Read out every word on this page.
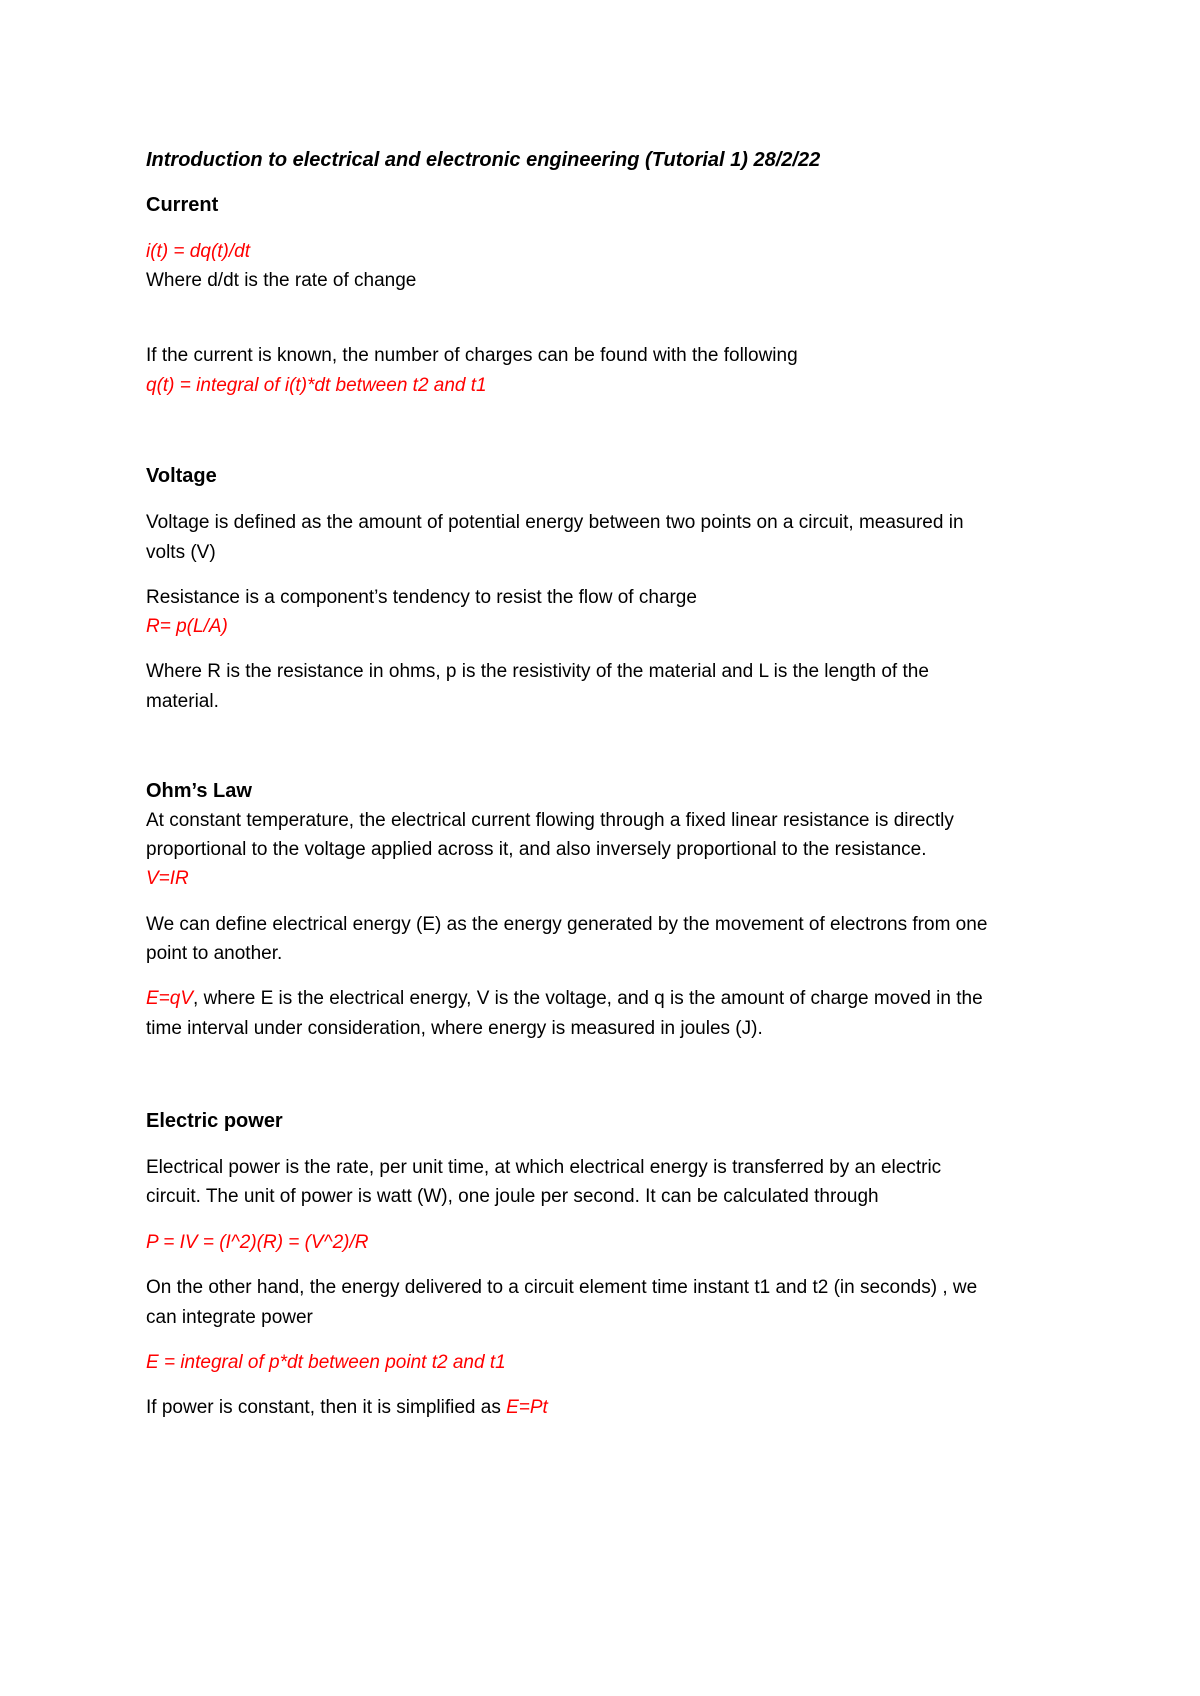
Introduction to electrical and electronic engineering (Tutorial 1) 28/2/22

Current

i(t) = dq(t)/dt

Where d/dt is the rate of change

If the current is known, the number of charges can be found with the following

q(t) = integral of i(t)*dt between t2 and t1

Voltage

Voltage is defined as the amount of potential energy between two points on a circuit, measured in

volts (V)

Resistance is a component’s tendency to resist the flow of charge

R= p(L/A)

Where R is the resistance in ohms, p is the resistivity of the material and L is the length of the

material.

Ohm’s Law

At constant temperature, the electrical current flowing through a fixed linear resistance is directly

proportional to the voltage applied across it, and also inversely proportional to the resistance.

V=IR

We can define electrical energy (E) as the energy generated by the movement of electrons from one

point to another.

E=qV, where E is the electrical energy, V is the voltage, and q is the amount of charge moved in the

time interval under consideration, where energy is measured in joules (J).

Electric power

Electrical power is the rate, per unit time, at which electrical energy is transferred by an electric

circuit. The unit of power is watt (W), one joule per second. It can be calculated through

P = IV = (I^2)(R) = (V^2)/R

On the other hand, the energy delivered to a circuit element time instant t1 and t2 (in seconds) , we

can integrate power

E = integral of p*dt between point t2 and t1

If power is constant, then it is simplified as E=Pt
